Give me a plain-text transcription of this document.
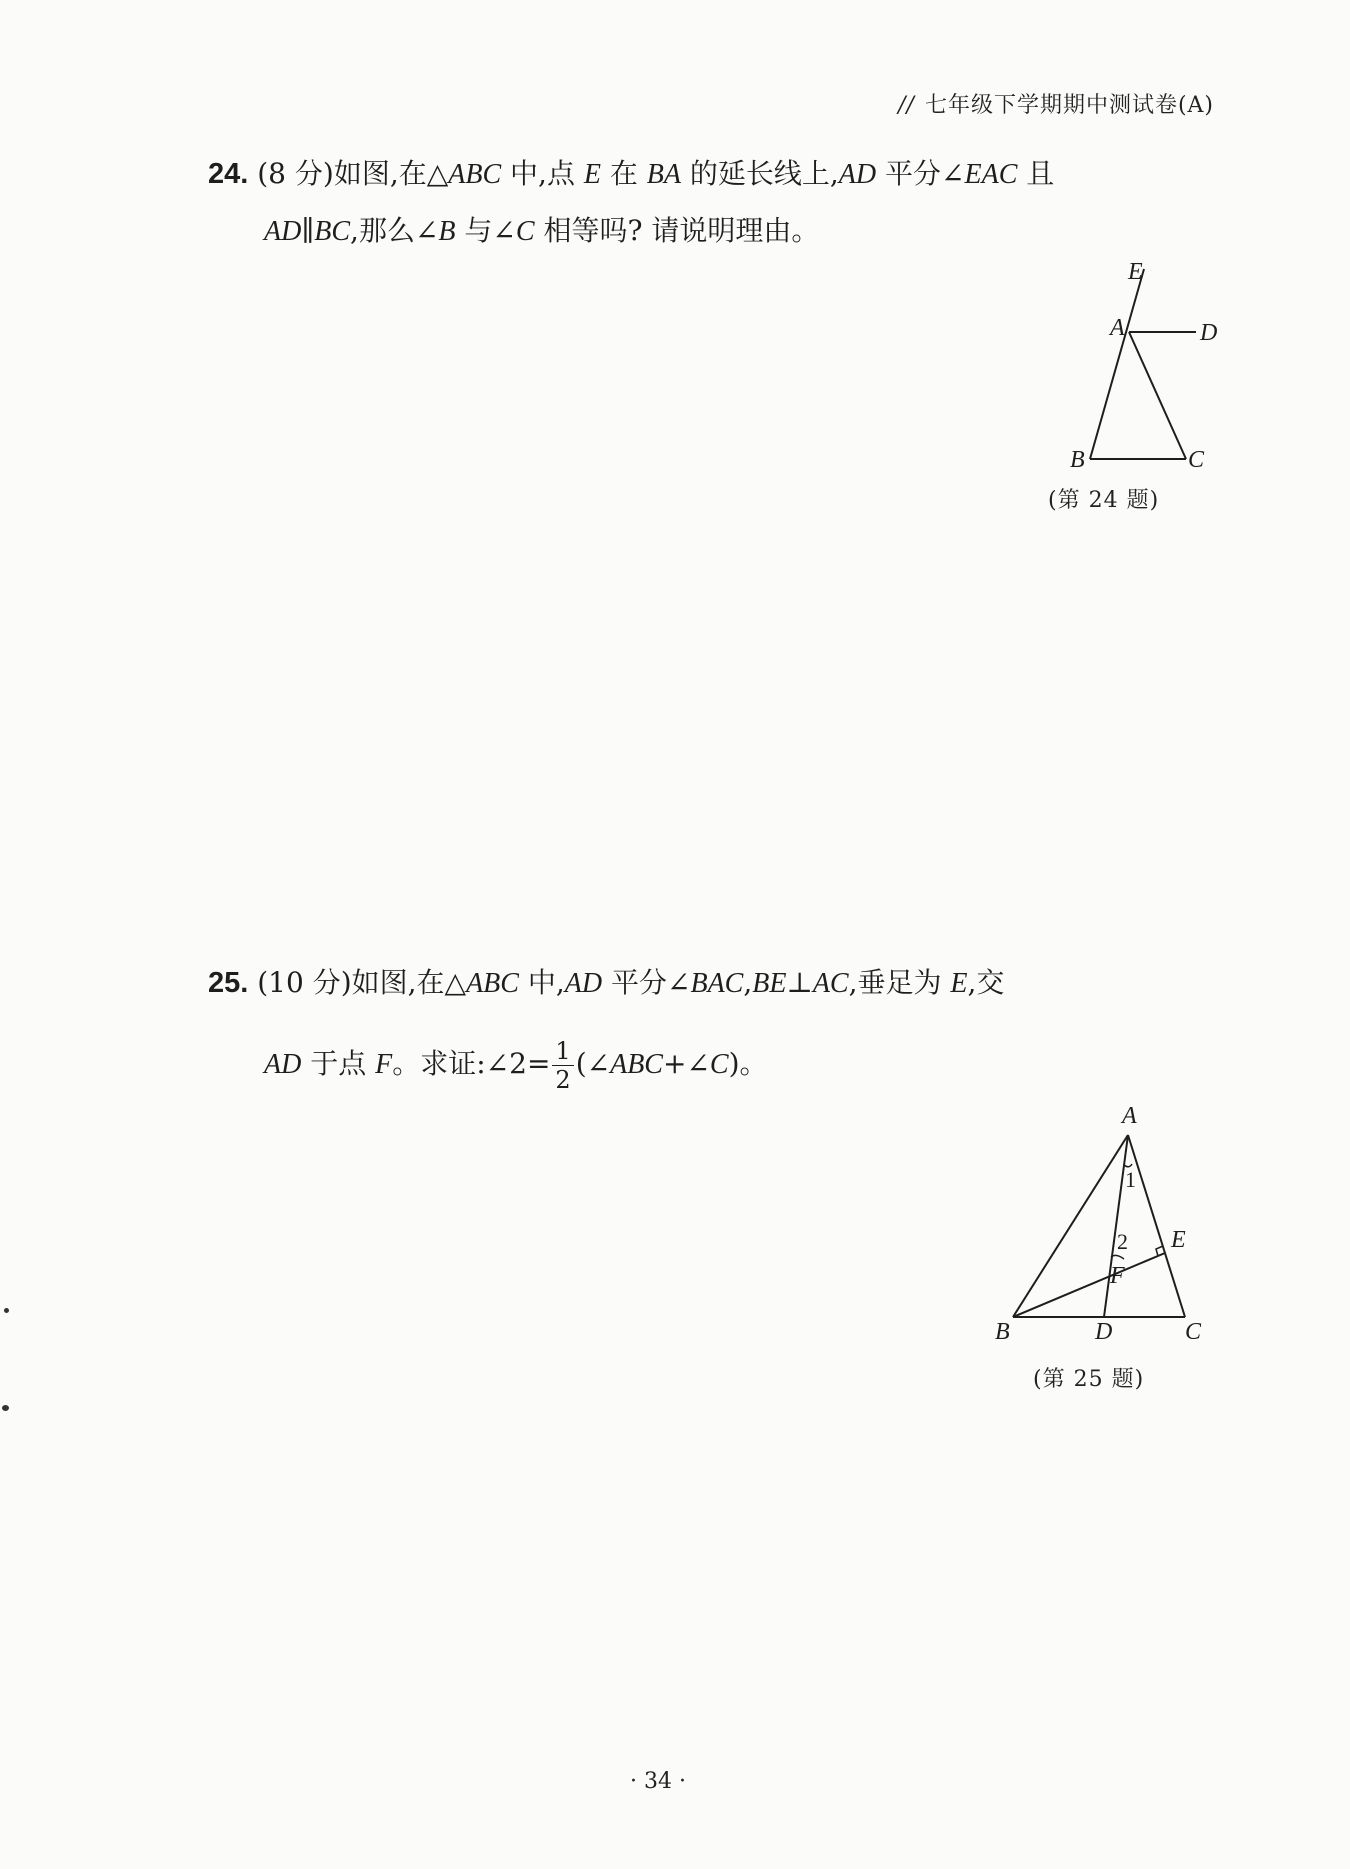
// 七年级下学期期中测试卷(A)
24. (8 分)如图,在△ABC 中,点 E 在 BA 的延长线上,AD 平分∠EAC 且
AD∥BC,那么∠B 与∠C 相等吗? 请说明理由。
E
A	D
B	C
(第 24 题)
25. (10 分)如图,在△ABC 中,AD 平分∠BAC,BE⊥AC,垂足为 E,交
AD 于点 F。求证:∠2= $\frac{1}{2}$ (∠ABC+∠C)。
A
1
2 E
F
B	D	C
(第 25 题)
· 34 ·
